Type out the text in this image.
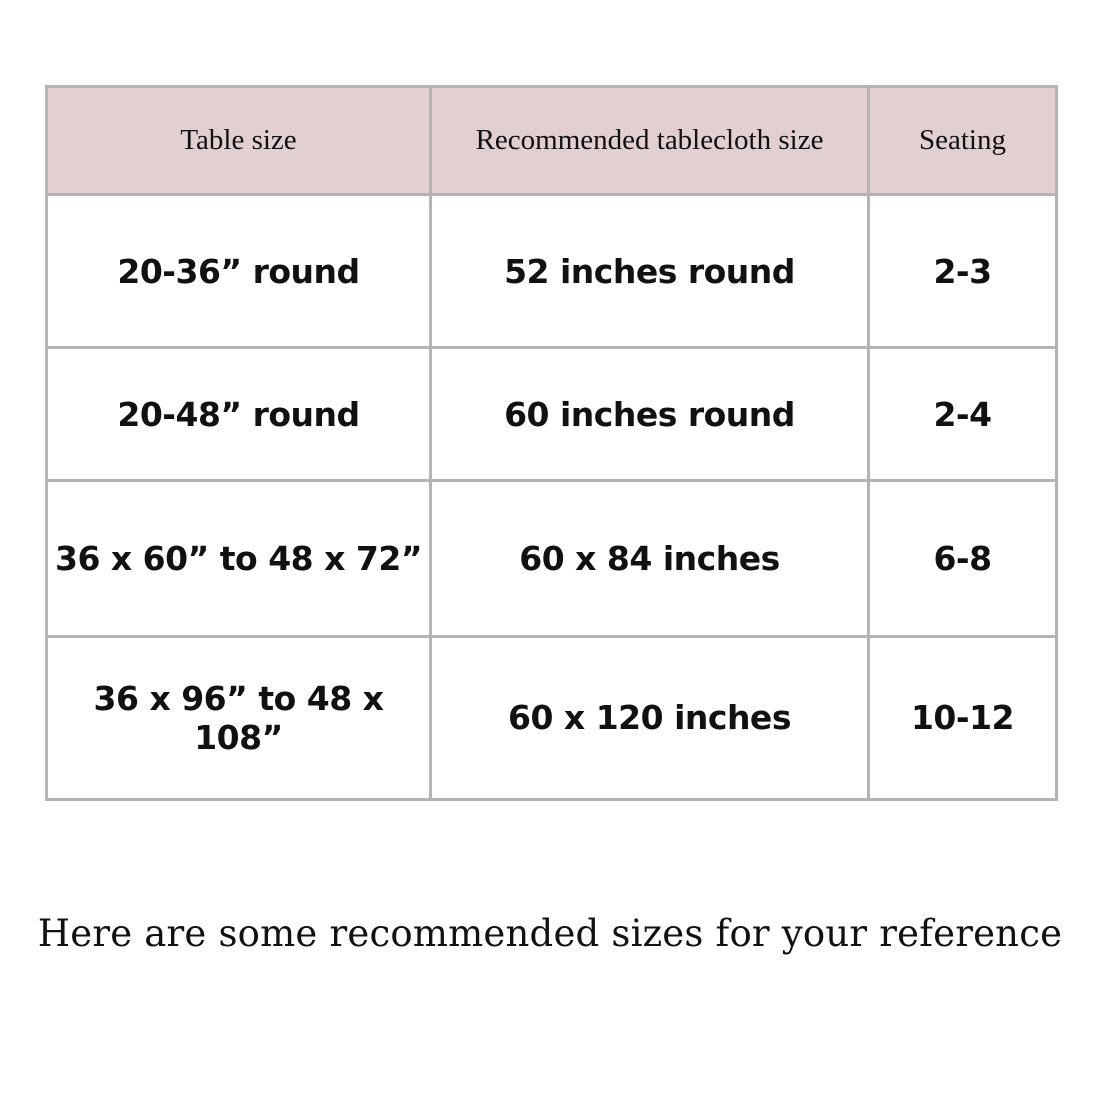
Table size	Recommended tablecloth size	Seating
20-36” round	52 inches round	2-3
20-48” round	60 inches round	2-4
36 x 60” to 48 x 72”	60 x 84 inches	6-8
36 x 96” to 48 x 108”	60 x 120 inches	10-12
Here are some recommended sizes for your reference
